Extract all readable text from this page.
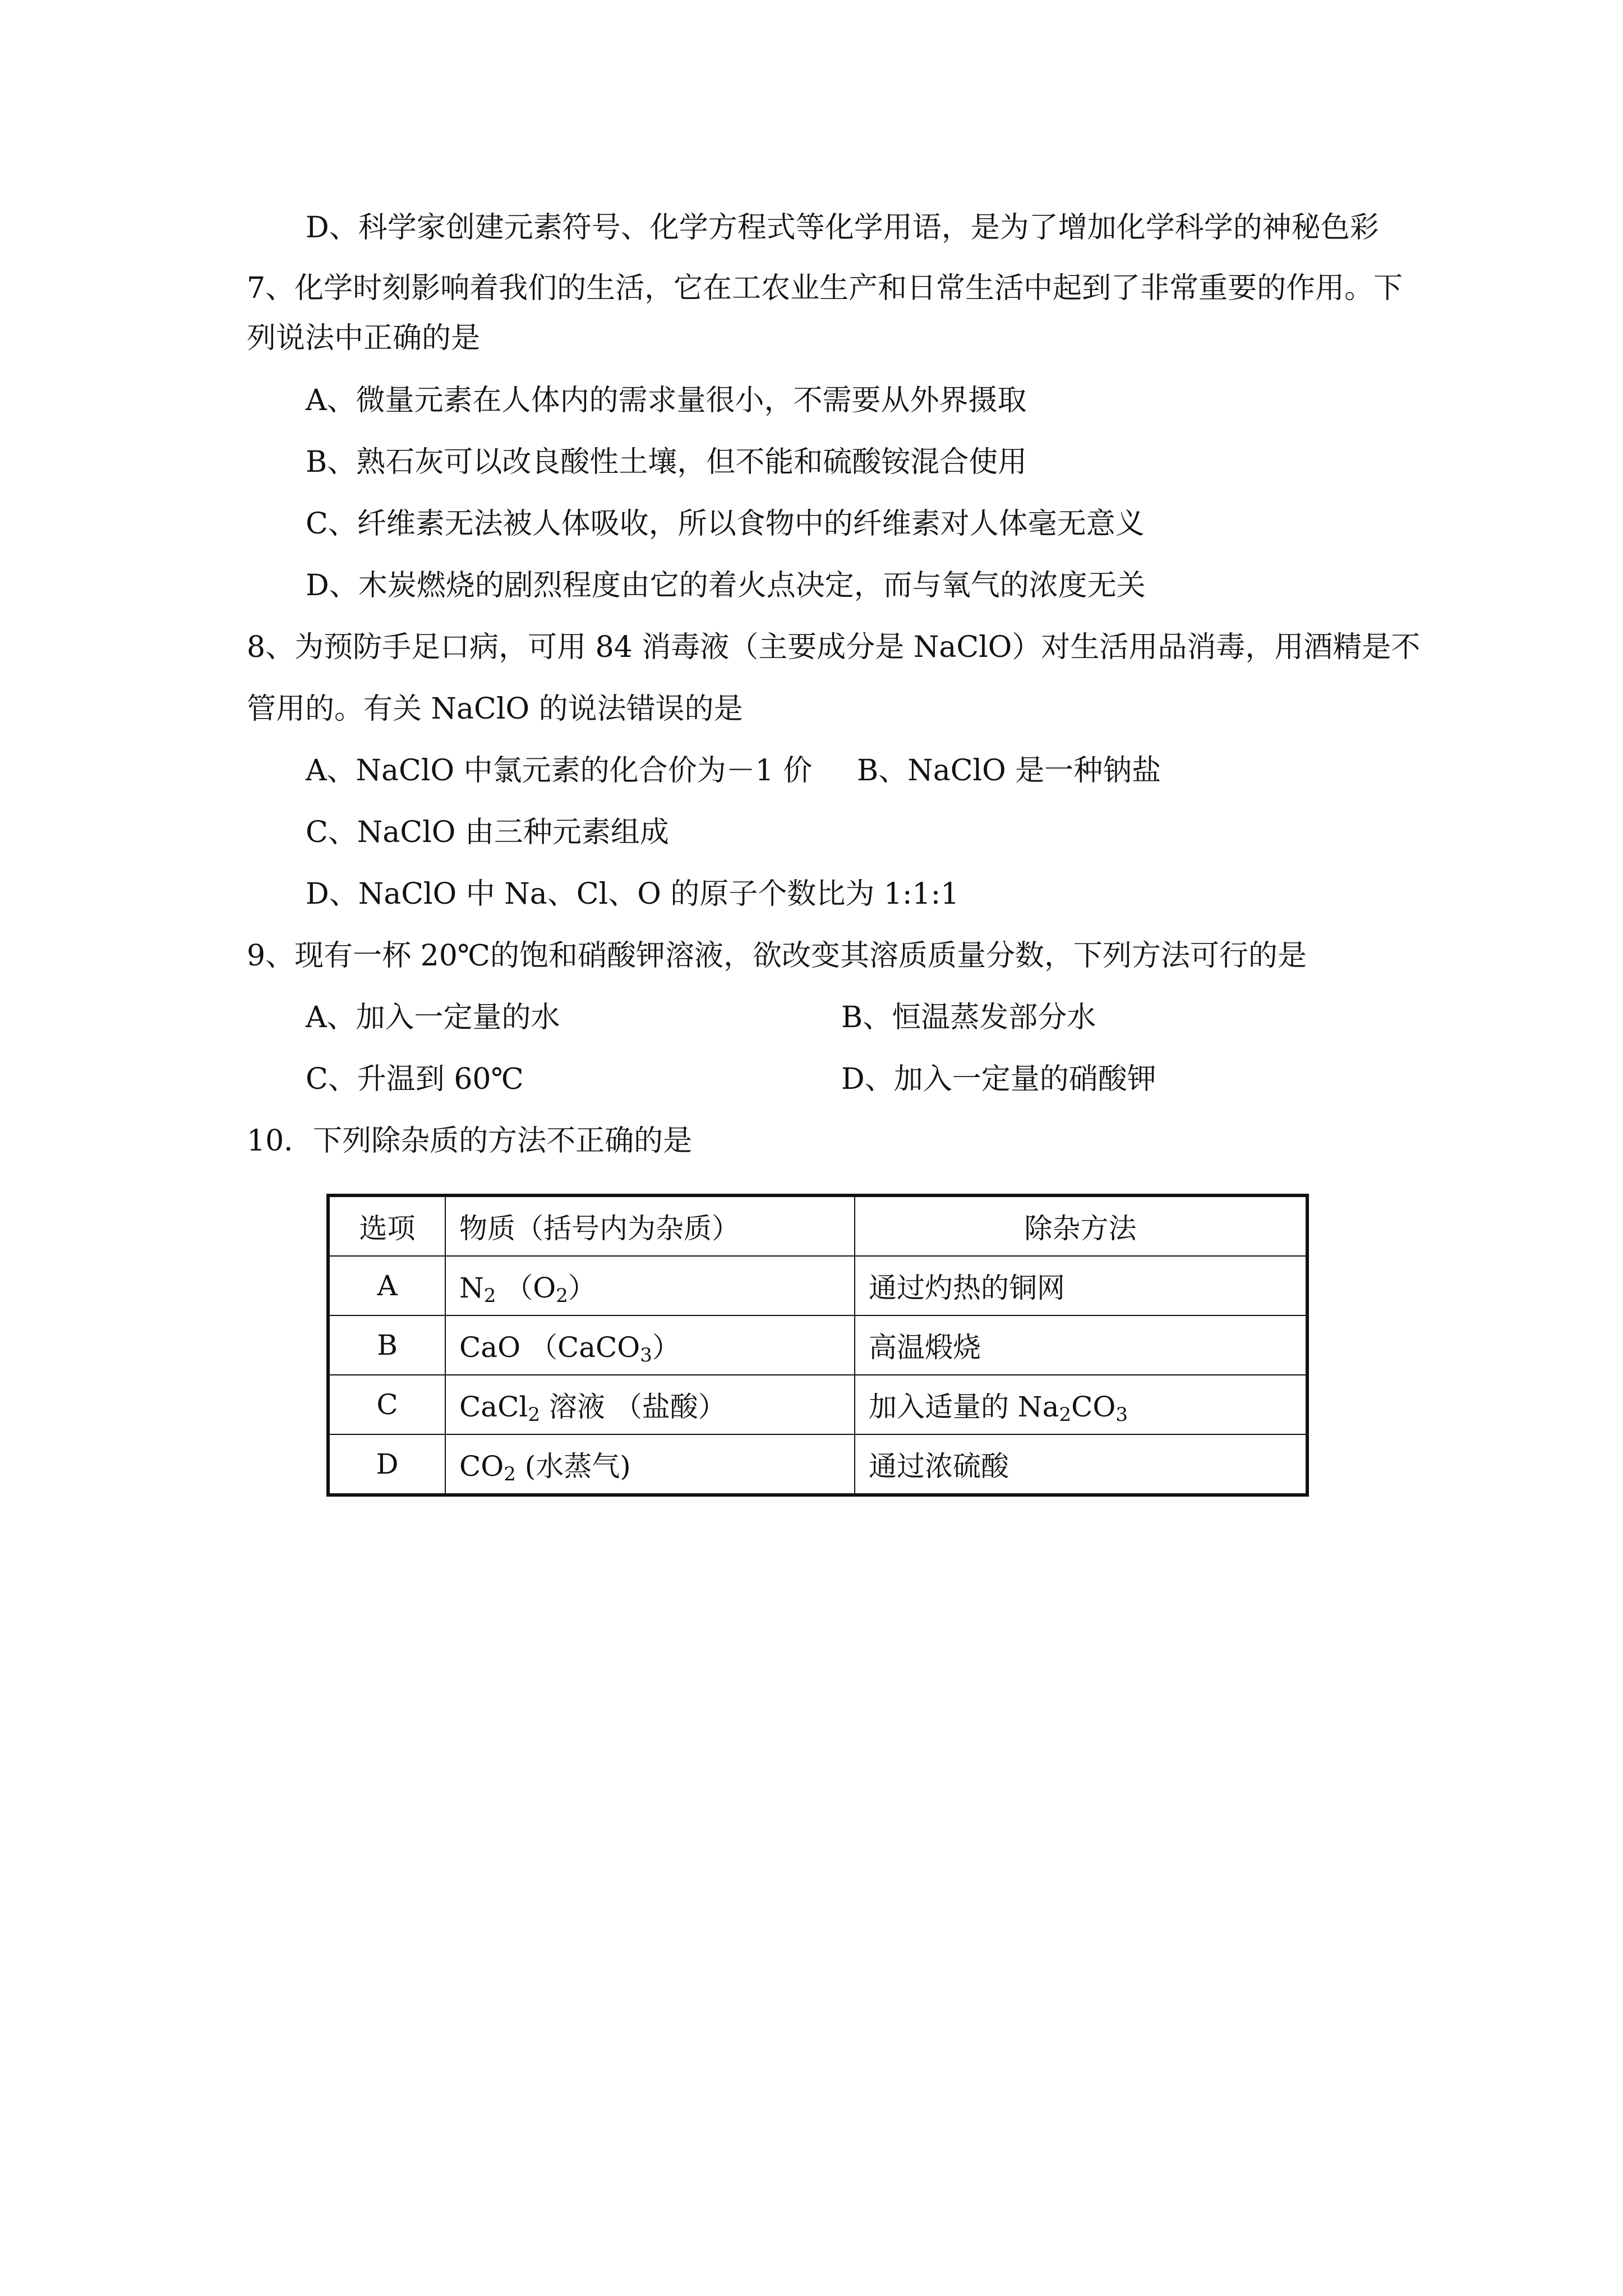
D、科学家创建元素符号、化学方程式等化学用语，是为了增加化学科学的神秘色彩
7、化学时刻影响着我们的生活，它在工农业生产和日常生活中起到了非常重要的作用。下
列说法中正确的是
A、微量元素在人体内的需求量很小，不需要从外界摄取
B、熟石灰可以改良酸性土壤，但不能和硫酸铵混合使用
C、纤维素无法被人体吸收，所以食物中的纤维素对人体毫无意义
D、木炭燃烧的剧烈程度由它的着火点决定，而与氧气的浓度无关
8、为预防手足口病，可用 84 消毒液（主要成分是 NaClO）对生活用品消毒，用酒精是不
管用的。有关 NaClO 的说法错误的是
A、NaClO 中氯元素的化合价为－1 价 B、NaClO 是一种钠盐
C、NaClO 由三种元素组成
D、NaClO 中 Na、Cl、O 的原子个数比为 1:1:1
9、现有一杯 20℃的饱和硝酸钾溶液，欲改变其溶质质量分数，下列方法可行的是
A、加入一定量的水	B、恒温蒸发部分水
C、升温到 60℃	D、加入一定量的硝酸钾
10．下列除杂质的方法不正确的是
选项	物质（括号内为杂质）	除杂方法
A	$N_2$ $(O_2)$	通过灼热的铜网
B	CaO （CaCO$_3$）	高温煅烧
C	CaCl$_2$ 溶液 （盐酸）	加入适量的 $Na_2CO_3$
D	$CO_2$ (水蒸气)	通过浓硫酸
